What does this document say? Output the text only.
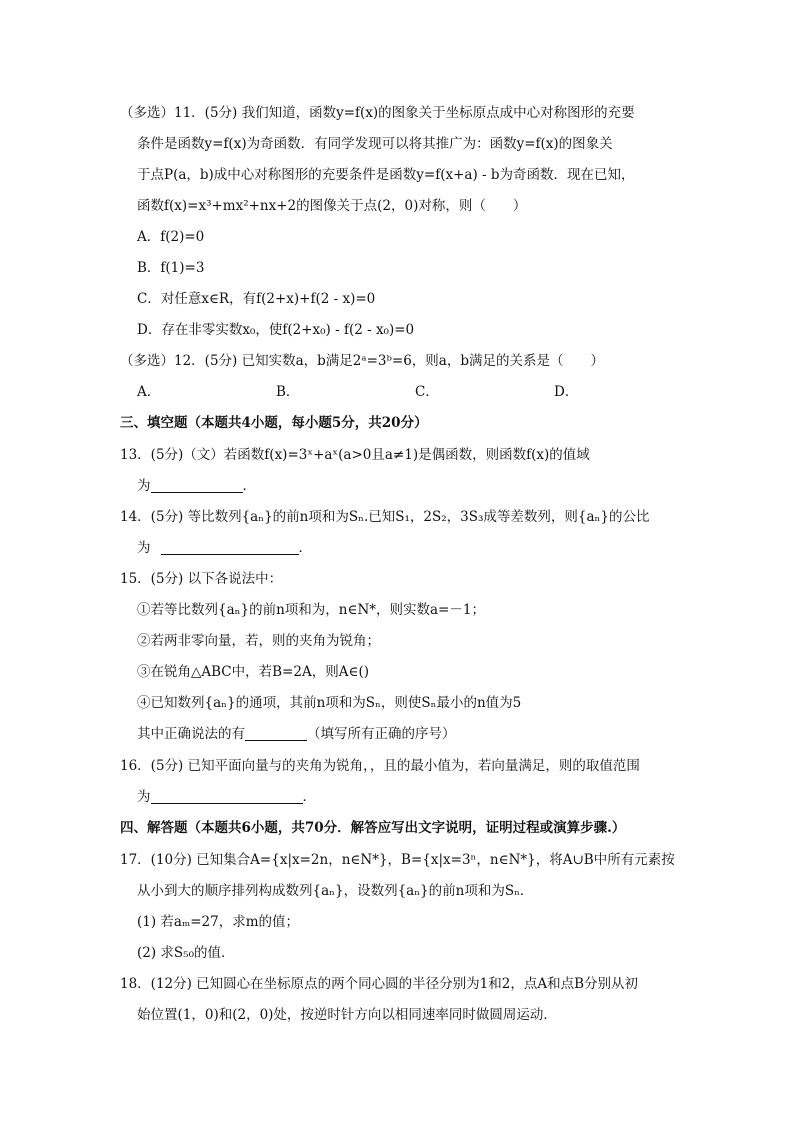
（多选）11．(5分) 我们知道，函数y=f(x)的图象关于坐标原点成中心对称图形的充要
条件是函数y=f(x)为奇函数．有同学发现可以将其推广为：函数y=f(x)的图象关
于点P(a，b)成中心对称图形的充要条件是函数y=f(x+a) - b为奇函数．现在已知，
函数f(x)=x³+mx²+nx+2的图像关于点(2，0)对称，则（　　）
A．f(2)=0
B．f(1)=3
C．对任意x∈R，有f(2+x)+f(2 - x)=0
D．存在非零实数x₀，使f(2+x₀) - f(2 - x₀)=0
（多选）12．(5分) 已知实数a，b满足2ᵃ=3ᵇ=6，则a，b满足的关系是（　　）
A．	B．	C．	D．
三、填空题（本题共4小题，每小题5分，共20分）
13．(5分)（文）若函数f(x)=3ˣ+aˣ(a>0且a≠1)是偶函数，则函数f(x)的值域
为	．
14．(5分) 等比数列{aₙ}的前n项和为Sₙ.已知S₁，2S₂，3S₃成等差数列，则{aₙ}的公比
为	．
15．(5分) 以下各说法中：
①若等比数列{aₙ}的前n项和为，n∈N*，则实数a=－1；
②若两非零向量，若，则的夹角为锐角；
③在锐角△ABC中，若B=2A，则A∈()
④已知数列{aₙ}的通项，其前n项和为Sₙ，则使Sₙ最小的n值为5
其中正确说法的有	（填写所有正确的序号）
16．(5分) 已知平面向量与的夹角为锐角，，且的最小值为，若向量满足，则的取值范围
为	．
四、解答题（本题共6小题，共70分．解答应写出文字说明，证明过程或演算步骤.）
17．(10分) 已知集合A={x|x=2n，n∈N*}，B={x|x=3ⁿ，n∈N*}，将A∪B中所有元素按
从小到大的顺序排列构成数列{aₙ}，设数列{aₙ}的前n项和为Sₙ．
(1) 若aₘ=27，求m的值；
(2) 求S₅₀的值．
18．(12分) 已知圆心在坐标原点的两个同心圆的半径分别为1和2，点A和点B分别从初
始位置(1，0)和(2，0)处，按逆时针方向以相同速率同时做圆周运动．
